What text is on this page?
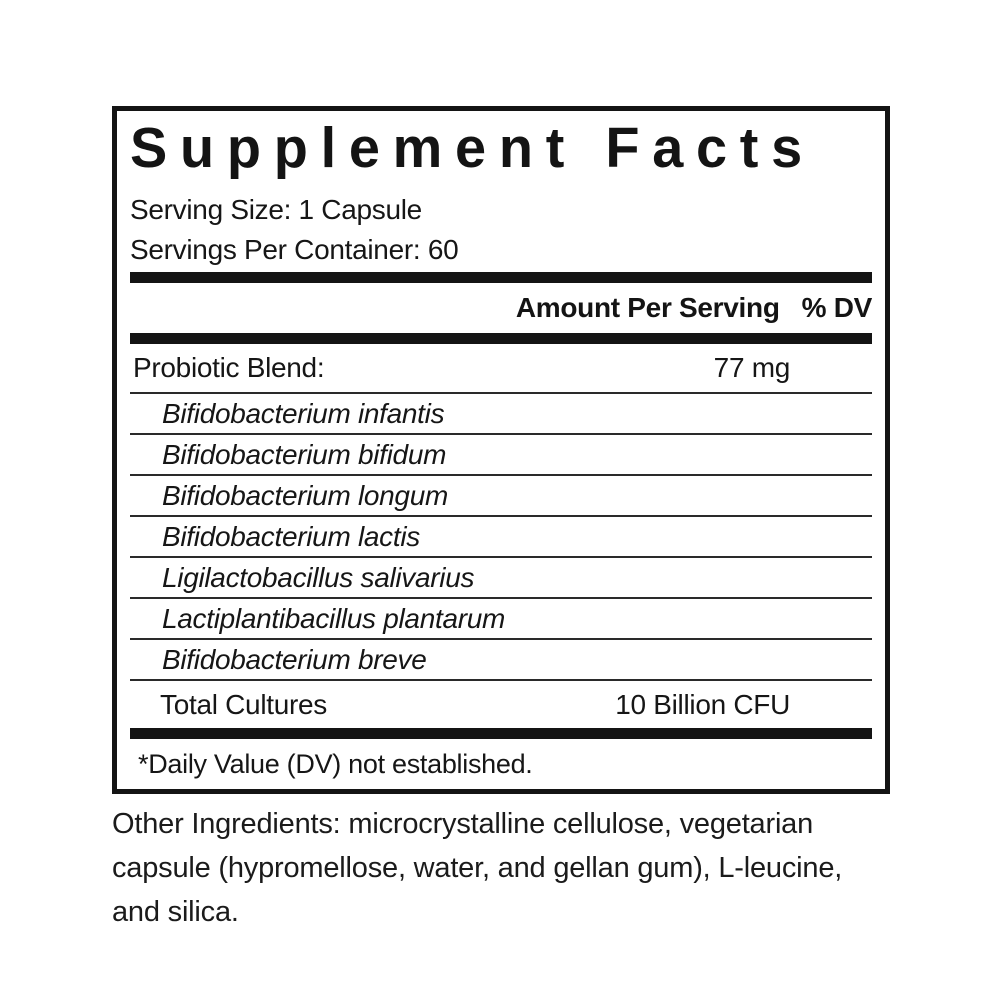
Supplement Facts
Serving Size: 1 Capsule
Servings Per Container: 60
Amount Per Serving % DV
Probiotic Blend:	77 mg
Bifidobacterium infantis
Bifidobacterium bifidum
Bifidobacterium longum
Bifidobacterium lactis
Ligilactobacillus salivarius
Lactiplantibacillus plantarum
Bifidobacterium breve
Total Cultures	10 Billion CFU
*Daily Value (DV) not established.

Other Ingredients: microcrystalline cellulose, vegetarian capsule (hypromellose, water, and gellan gum), L-leucine, and silica.
